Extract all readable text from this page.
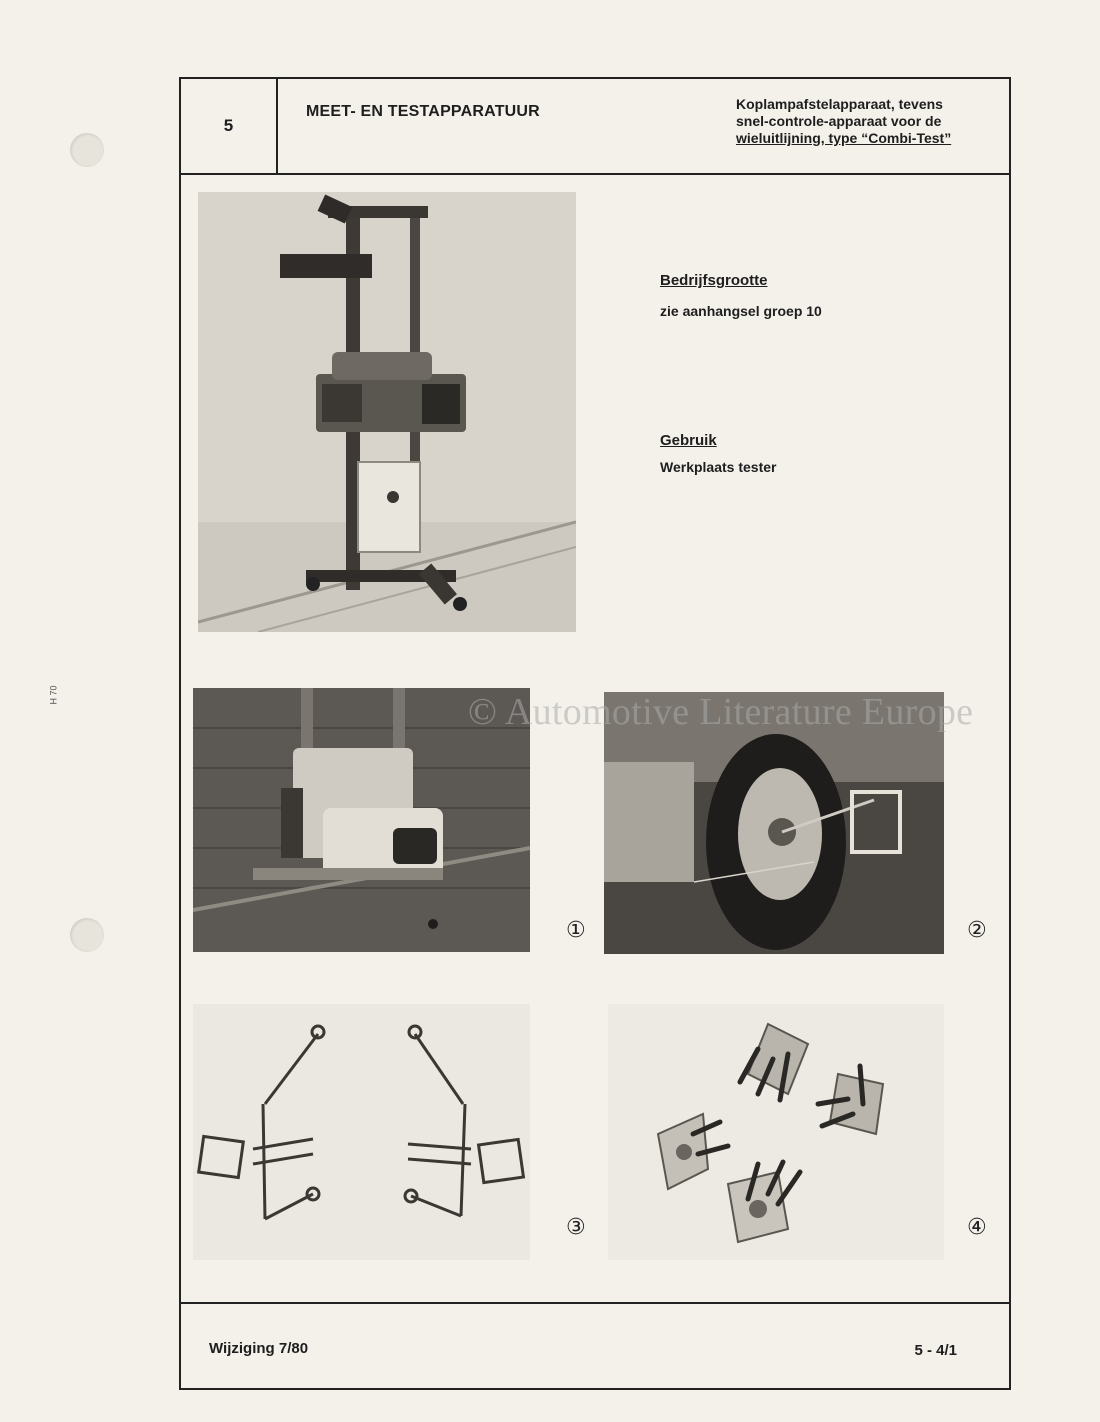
H 70
5
MEET- EN TESTAPPARATUUR	Koplampafstelapparaat, tevens
snel-controle-apparaat voor de
wieluitlijning, type “Combi-Test”
Wijziging 7/80	5 - 4/1
Bedrijfsgrootte
zie aanhangsel groep 10
Gebruik
Werkplaats tester
①	②
③	④
© Automotive Literature Europe
